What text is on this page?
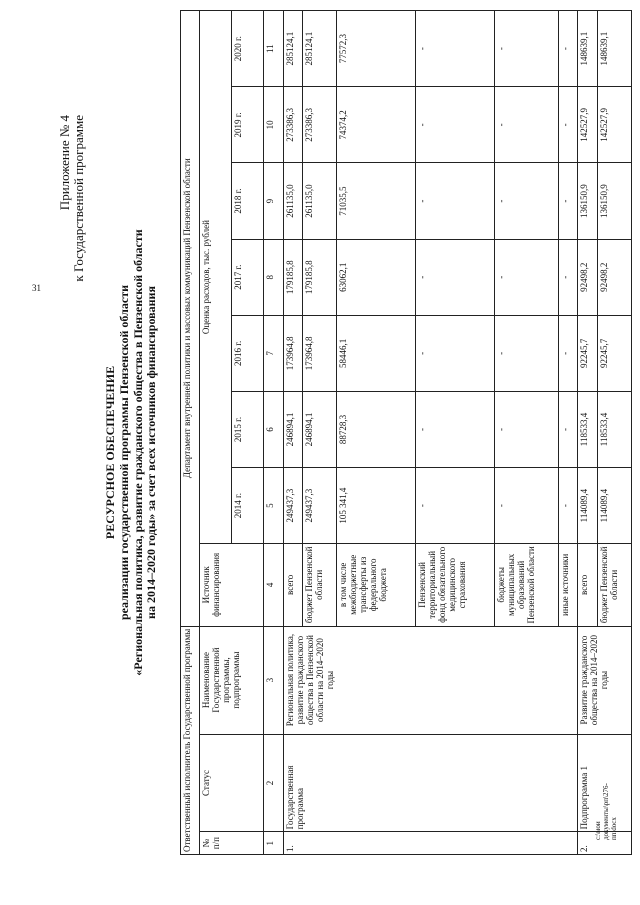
31
Приложение № 4 к Государственной программе
РЕСУРСНОЕ ОБЕСПЕЧЕНИЕ реализации государственной программы Пензенской области «Региональная политика, развитие гражданского общества в Пензенской области на 2014–2020 годы» за счет всех источников финансирования
Ответственный исполнитель Государственной программы			Департамент внутренней политики и массовых коммуникаций Пензенской области							
№ п/п	Статус	Наименование Государственной программы, подпрограммы	Источник финансирования	Оценка расходов, тыс. рублей						
				2014 г.	2015 г.	2016 г.	2017 г.	2018 г.	2019 г.	2020 г.
1	2	3	4	5	6	7	8	9	10	11
1.	Государственная программа	Региональная политика, развитие гражданского общества в Пензенской области на 2014–2020 годы	всего	249437,3	246894,1	173964,8	179185,8	261135,0	273386,3	285124,1
			бюджет Пензенской области	249437,3	246894,1	173964,8	179185,8	261135,0	273386,3	285124,1
			в том числе межбюджетные трансферты из федерального бюджета	105 341,4	88728,3	58446,1	63062,1	71035,5	74374,2	77572,3
			Пензенский территориальный фонд обязательного медицинского страхования	-	-	-	-	-	-	-
			бюджеты муниципальных образований Пензенской области	-	-	-	-	-	-	-
			иные источники	-	-	-	-	-	-	-
2.	Подпрограмма 1	Развитие гражданского общества на 2014–2020 годы	всего	114089,4	118533,4	92245,7	92498,2	136150,9	142527,9	148639,1
			бюджет Пензенской области	114089,4	118533,4	92245,7	92498,2	136150,9	142527,9	148639,1
c:\мои документы\рп\276-пп.docx
